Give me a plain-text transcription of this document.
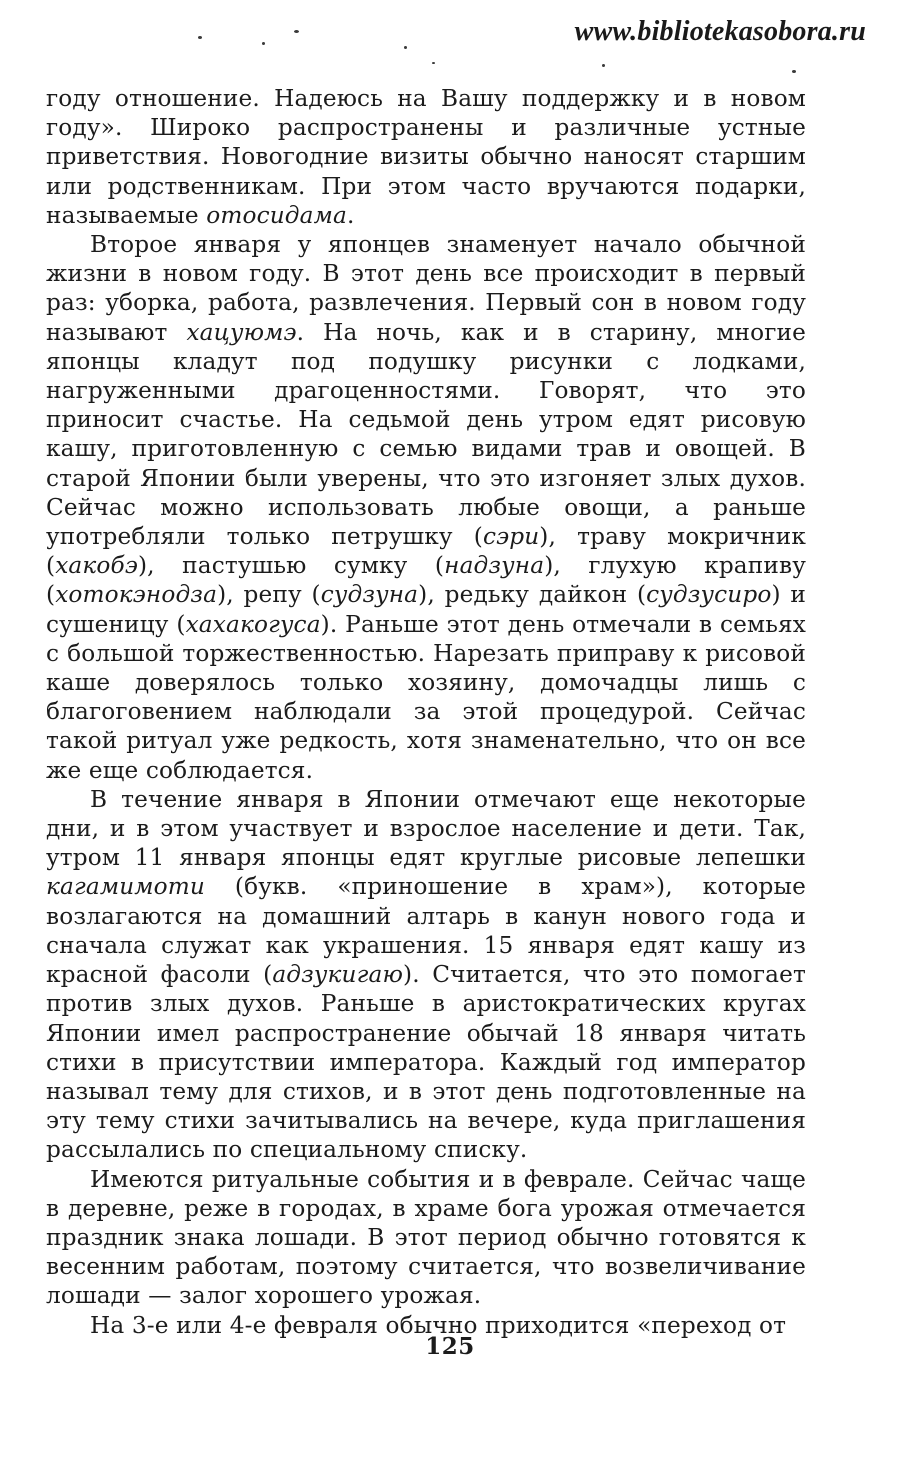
www.bibliotekasobora.ru

году отношение. Надеюсь на Вашу поддержку и в новом году». Широко распространены и различные устные приветствия. Новогодние визиты обычно наносят старшим или родственникам. При этом часто вручаются подарки, называемые отосидама.

Второе января у японцев знаменует начало обычной жизни в новом году. В этот день все происходит в первый раз: уборка, работа, развлечения. Первый сон в новом году называют хацуюмэ. На ночь, как и в старину, многие японцы кладут под подушку рисунки с лодками, нагруженными драгоценностями. Говорят, что это приносит счастье. На седьмой день утром едят рисовую кашу, приготовленную с семью видами трав и овощей. В старой Японии были уверены, что это изгоняет злых духов. Сейчас можно использовать любые овощи, а раньше употребляли только петрушку (сэри), траву мокричник (хакобэ), пастушью сумку (надзуна), глухую крапиву (хотокэнодза), репу (судзуна), редьку дайкон (судзусиро) и сушеницу (хахакогуса). Раньше этот день отмечали в семьях с большой торжественностью. Нарезать приправу к рисовой каше доверялось только хозяину, домочадцы лишь с благоговением наблюдали за этой процедурой. Сейчас такой ритуал уже редкость, хотя знаменательно, что он все же еще соблюдается.

В течение января в Японии отмечают еще некоторые дни, и в этом участвует и взрослое население и дети. Так, утром 11 января японцы едят круглые рисовые лепешки кагамимоти (букв. «приношение в храм»), которые возлагаются на домашний алтарь в канун нового года и сначала служат как украшения. 15 января едят кашу из красной фасоли (адзукигаю). Считается, что это помогает против злых духов. Раньше в аристократических кругах Японии имел распространение обычай 18 января читать стихи в присутствии императора. Каждый год император называл тему для стихов, и в этот день подготовленные на эту тему стихи зачитывались на вечере, куда приглашения рассылались по специальному списку.

Имеются ритуальные события и в феврале. Сейчас чаще в деревне, реже в городах, в храме бога урожая отмечается праздник знака лошади. В этот период обычно готовятся к весенним работам, поэтому считается, что возвеличивание лошади — залог хорошего урожая.

На 3-е или 4-е февраля обычно приходится «переход от

125
